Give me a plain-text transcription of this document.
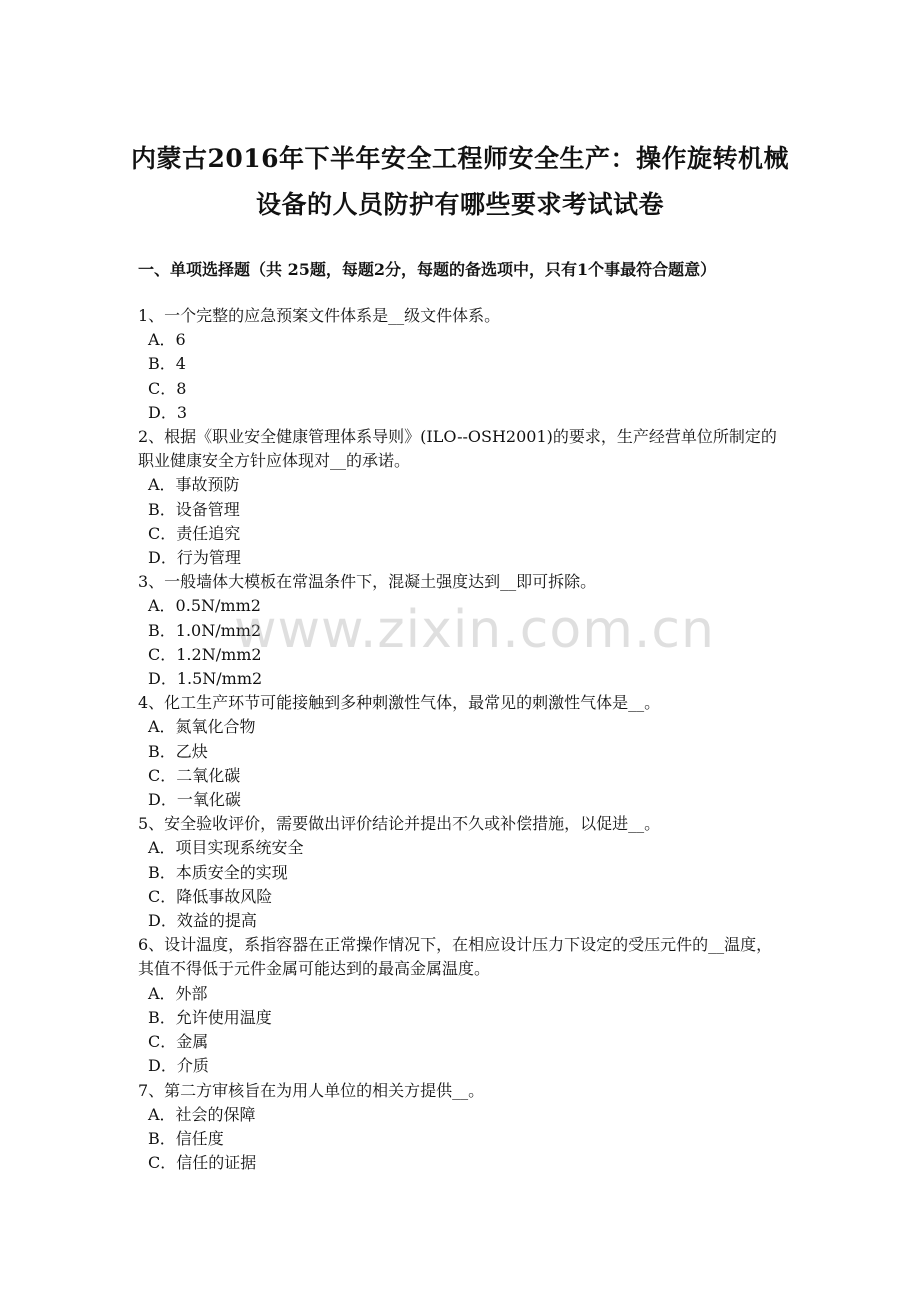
内蒙古2016年下半年安全工程师安全生产：操作旋转机械
设备的人员防护有哪些要求考试试卷
一、单项选择题（共 25题，每题2分，每题的备选项中，只有1个事最符合题意）

1、一个完整的应急预案文件体系是__级文件体系。

A．6

B．4

C．8

D．3

2、根据《职业安全健康管理体系导则》(ILO--OSH2001)的要求，生产经营单位所制定的职业健康安全方针应体现对__的承诺。

A．事故预防

B．设备管理

C．责任追究

D．行为管理

3、一般墙体大模板在常温条件下，混凝土强度达到__即可拆除。

A．0.5N/mm2

B．1.0N/mm2

C．1.2N/mm2

D．1.5N/mm2

4、化工生产环节可能接触到多种刺激性气体，最常见的刺激性气体是__。

A．氮氧化合物

B．乙炔

C．二氧化碳

D．一氧化碳

5、安全验收评价，需要做出评价结论并提出不久或补偿措施，以促进__。

A．项目实现系统安全

B．本质安全的实现

C．降低事故风险

D．效益的提高

6、设计温度，系指容器在正常操作情况下，在相应设计压力下设定的受压元件的__温度，其值不得低于元件金属可能达到的最高金属温度。

A．外部

B．允许使用温度

C．金属

D．介质

7、第二方审核旨在为用人单位的相关方提供__。

A．社会的保障

B．信任度

C．信任的证据

www.zixin.com.cn
